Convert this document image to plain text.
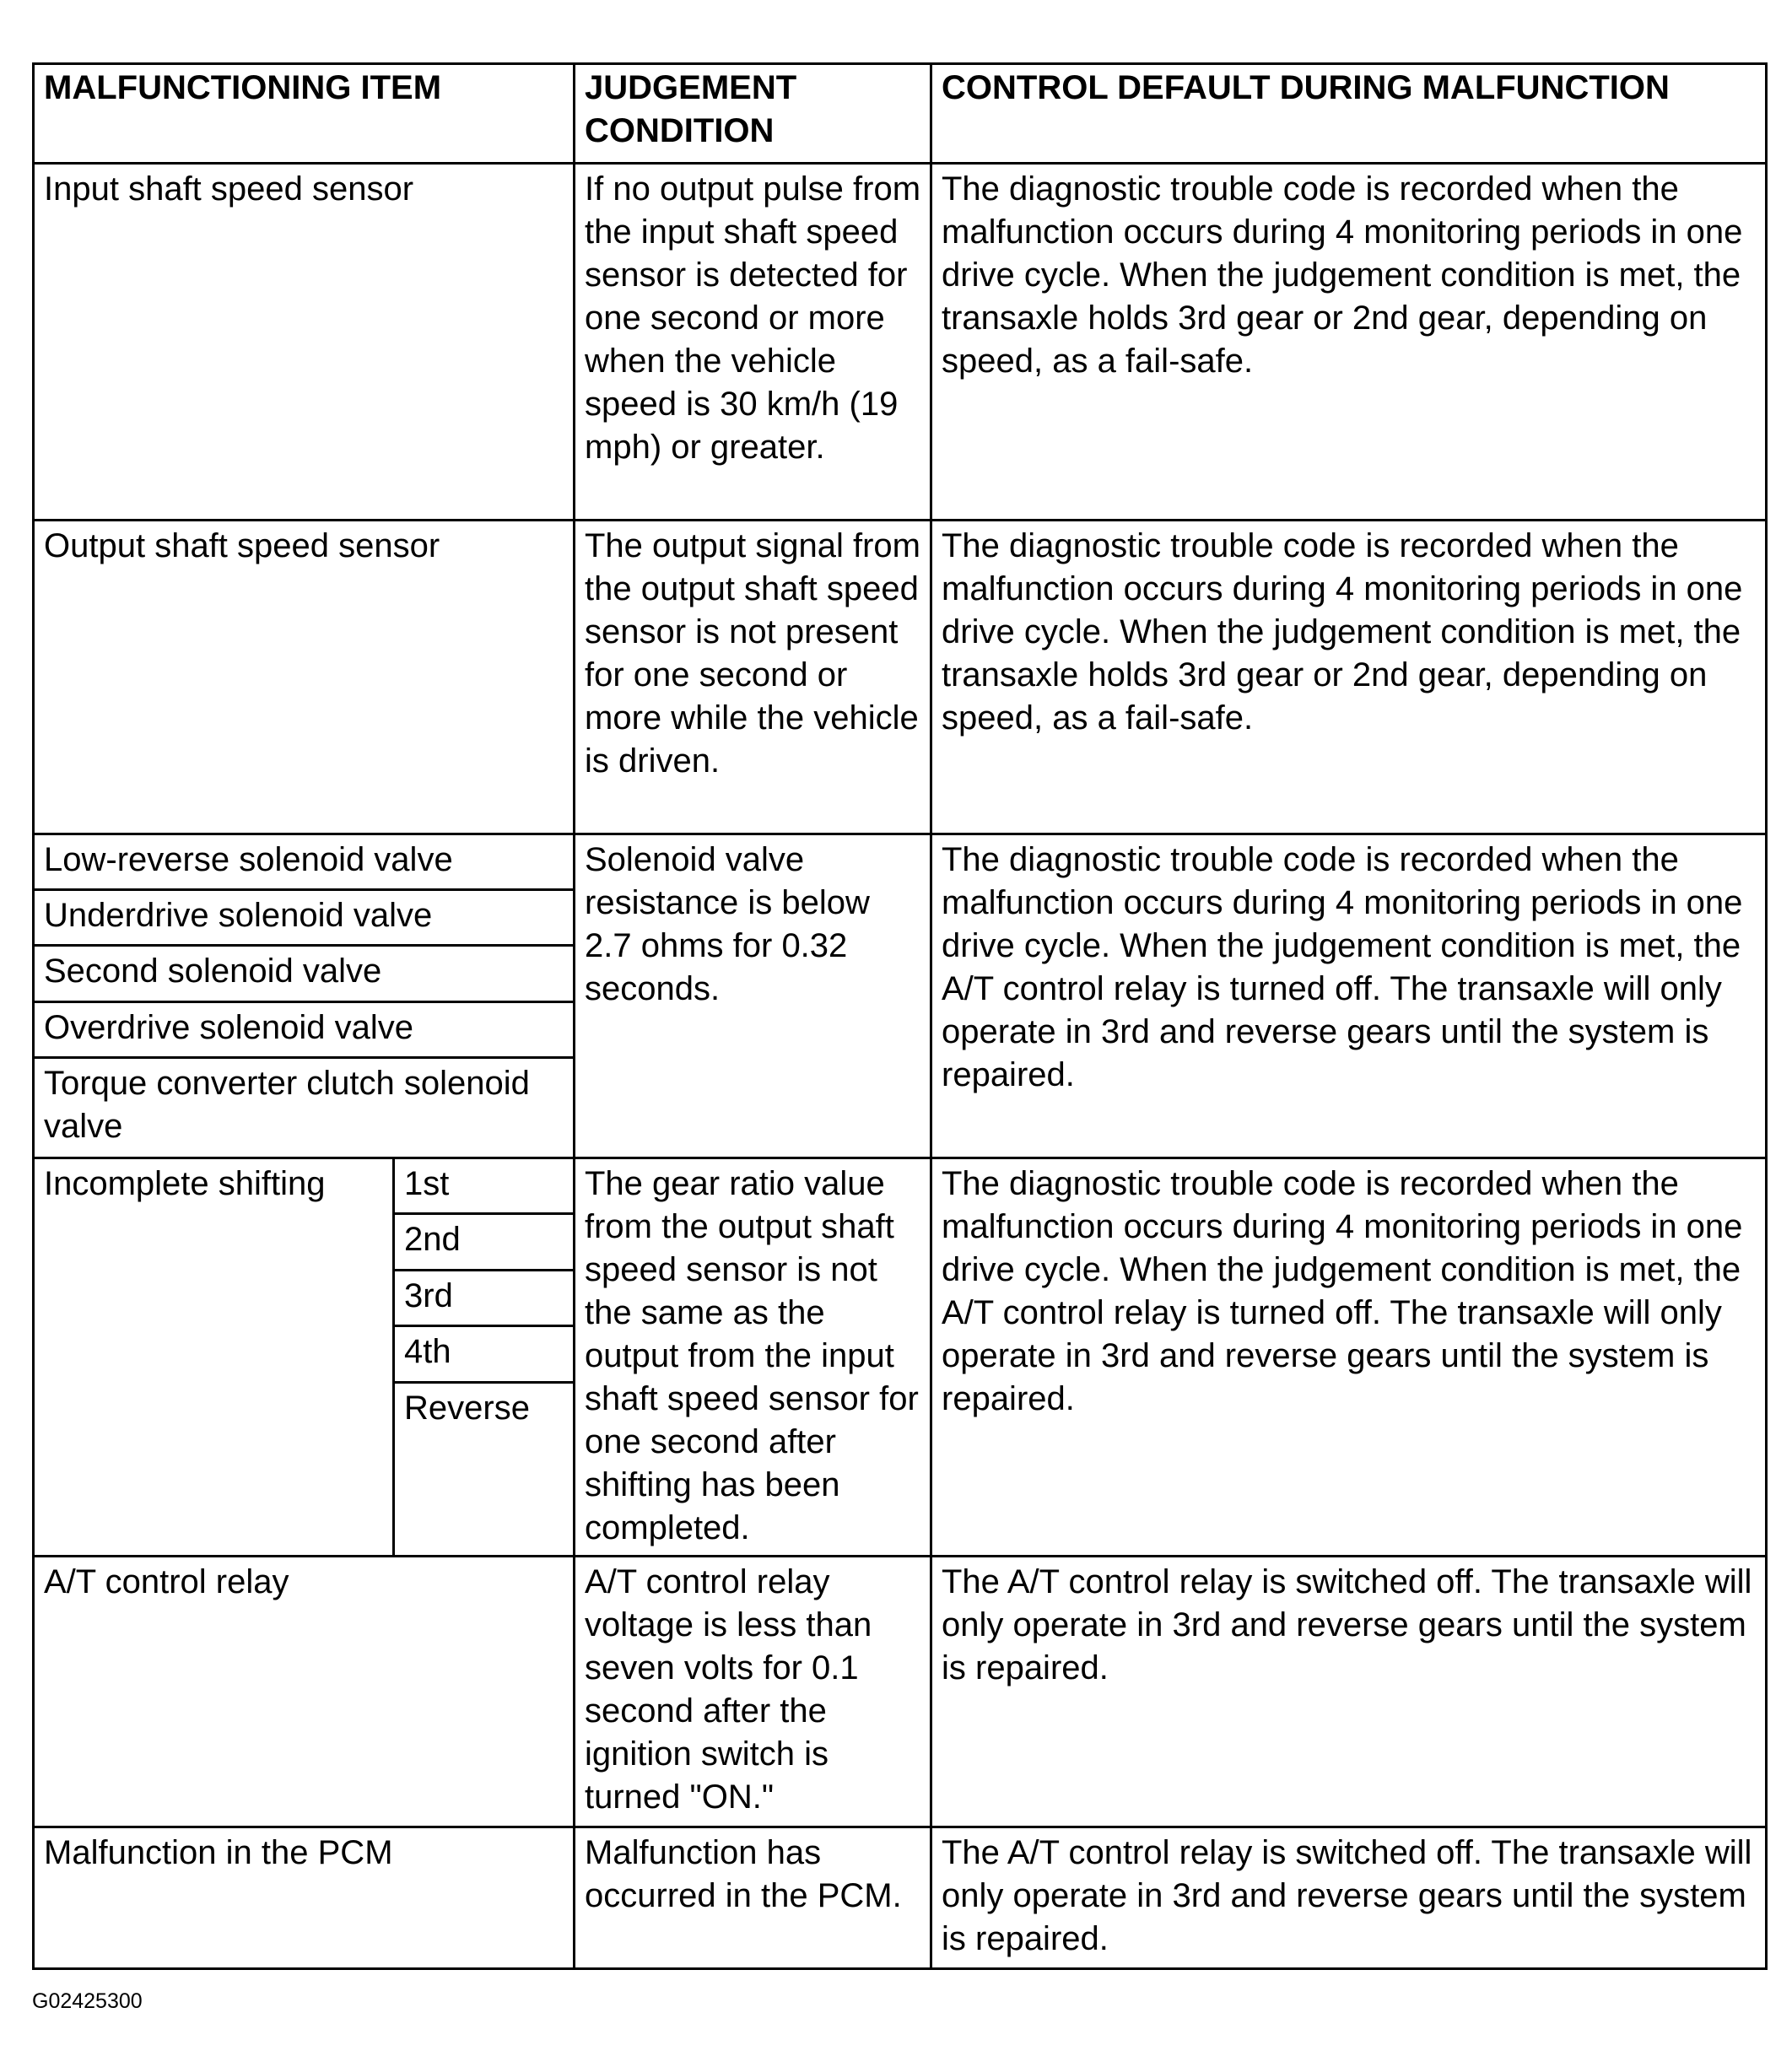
MALFUNCTIONING ITEM		JUDGEMENT CONDITION	CONTROL DEFAULT DURING MALFUNCTION
Input shaft speed sensor		If no output pulse from the input shaft speed sensor is detected for one second or more when the vehicle speed is 30 km/h (19 mph) or greater.	The diagnostic trouble code is recorded when the malfunction occurs during 4 monitoring periods in one drive cycle. When the judgement condition is met, the transaxle holds 3rd gear or 2nd gear, depending on speed, as a fail-safe.
Output shaft speed sensor		The output signal from the output shaft speed sensor is not present for one second or more while the vehicle is driven.	The diagnostic trouble code is recorded when the malfunction occurs during 4 monitoring periods in one drive cycle. When the judgement condition is met, the transaxle holds 3rd gear or 2nd gear, depending on speed, as a fail-safe.
Low-reverse solenoid valve		Solenoid valve resistance is below 2.7 ohms for 0.32 seconds.	The diagnostic trouble code is recorded when the malfunction occurs during 4 monitoring periods in one drive cycle. When the judgement condition is met, the A/T control relay is turned off. The transaxle will only operate in 3rd and reverse gears until the system is repaired.
Underdrive solenoid valve			
Second solenoid valve			
Overdrive solenoid valve			
Torque converter clutch solenoid valve			
Incomplete shifting	1st	The gear ratio value from the output shaft speed sensor is not the same as the output from the input shaft speed sensor for one second after shifting has been completed.	The diagnostic trouble code is recorded when the malfunction occurs during 4 monitoring periods in one drive cycle. When the judgement condition is met, the A/T control relay is turned off. The transaxle will only operate in 3rd and reverse gears until the system is repaired.
	2nd		
	3rd		
	4th		
	Reverse		
A/T control relay		A/T control relay voltage is less than seven volts for 0.1 second after the ignition switch is turned "ON."	The A/T control relay is switched off. The transaxle will only operate in 3rd and reverse gears until the system is repaired.
Malfunction in the PCM		Malfunction has occurred in the PCM.	The A/T control relay is switched off. The transaxle will only operate in 3rd and reverse gears until the system is repaired.
G02425300
